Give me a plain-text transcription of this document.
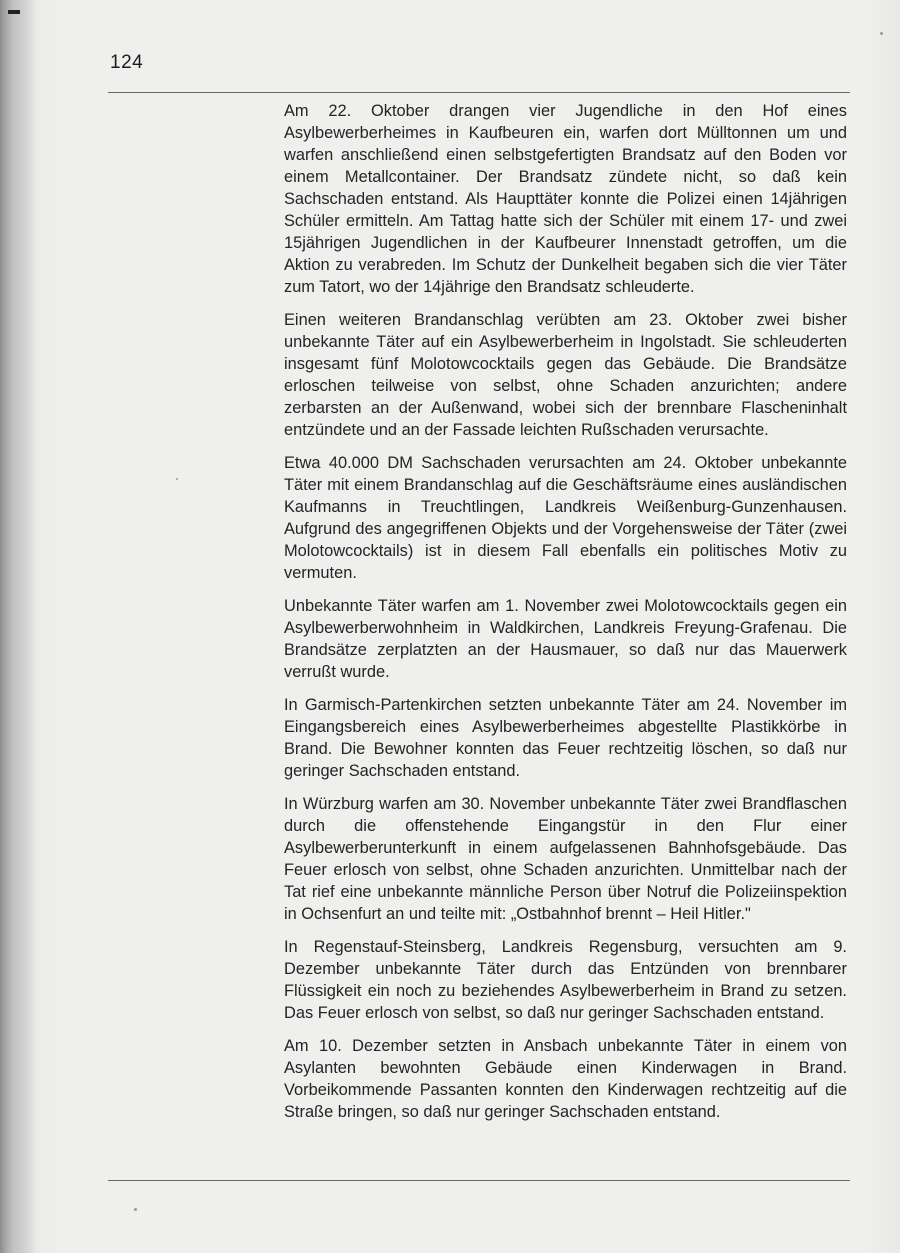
124

Am 22. Oktober drangen vier Jugendliche in den Hof eines Asylbewerberheimes in Kaufbeuren ein, warfen dort Mülltonnen um und warfen anschließend einen selbstgefertigten Brandsatz auf den Boden vor einem Metallcontainer. Der Brandsatz zündete nicht, so daß kein Sachschaden entstand. Als Haupttäter konnte die Polizei einen 14jährigen Schüler ermitteln. Am Tattag hatte sich der Schüler mit einem 17- und zwei 15jährigen Jugendlichen in der Kaufbeurer Innenstadt getroffen, um die Aktion zu verabreden. Im Schutz der Dunkelheit begaben sich die vier Täter zum Tatort, wo der 14jährige den Brandsatz schleuderte.

Einen weiteren Brandanschlag verübten am 23. Oktober zwei bisher unbekannte Täter auf ein Asylbewerberheim in Ingolstadt. Sie schleuderten insgesamt fünf Molotowcocktails gegen das Gebäude. Die Brandsätze erloschen teilweise von selbst, ohne Schaden anzurichten; andere zerbarsten an der Außenwand, wobei sich der brennbare Flascheninhalt entzündete und an der Fassade leichten Rußschaden verursachte.

Etwa 40.000 DM Sachschaden verursachten am 24. Oktober unbekannte Täter mit einem Brandanschlag auf die Geschäftsräume eines ausländischen Kaufmanns in Treuchtlingen, Landkreis Weißenburg-Gunzenhausen. Aufgrund des angegriffenen Objekts und der Vorgehensweise der Täter (zwei Molotowcocktails) ist in diesem Fall ebenfalls ein politisches Motiv zu vermuten.

Unbekannte Täter warfen am 1. November zwei Molotowcocktails gegen ein Asylbewerberwohnheim in Waldkirchen, Landkreis Freyung-Grafenau. Die Brandsätze zerplatzten an der Hausmauer, so daß nur das Mauerwerk verrußt wurde.

In Garmisch-Partenkirchen setzten unbekannte Täter am 24. November im Eingangsbereich eines Asylbewerberheimes abgestellte Plastikkörbe in Brand. Die Bewohner konnten das Feuer rechtzeitig löschen, so daß nur geringer Sachschaden entstand.

In Würzburg warfen am 30. November unbekannte Täter zwei Brandflaschen durch die offenstehende Eingangstür in den Flur einer Asylbewerberunterkunft in einem aufgelassenen Bahnhofsgebäude. Das Feuer erlosch von selbst, ohne Schaden anzurichten. Unmittelbar nach der Tat rief eine unbekannte männliche Person über Notruf die Polizeiinspektion in Ochsenfurt an und teilte mit: „Ostbahnhof brennt – Heil Hitler."

In Regenstauf-Steinsberg, Landkreis Regensburg, versuchten am 9. Dezember unbekannte Täter durch das Entzünden von brennbarer Flüssigkeit ein noch zu beziehendes Asylbewerberheim in Brand zu setzen. Das Feuer erlosch von selbst, so daß nur geringer Sachschaden entstand.

Am 10. Dezember setzten in Ansbach unbekannte Täter in einem von Asylanten bewohnten Gebäude einen Kinderwagen in Brand. Vorbeikommende Passanten konnten den Kinderwagen rechtzeitig auf die Straße bringen, so daß nur geringer Sachschaden entstand.
